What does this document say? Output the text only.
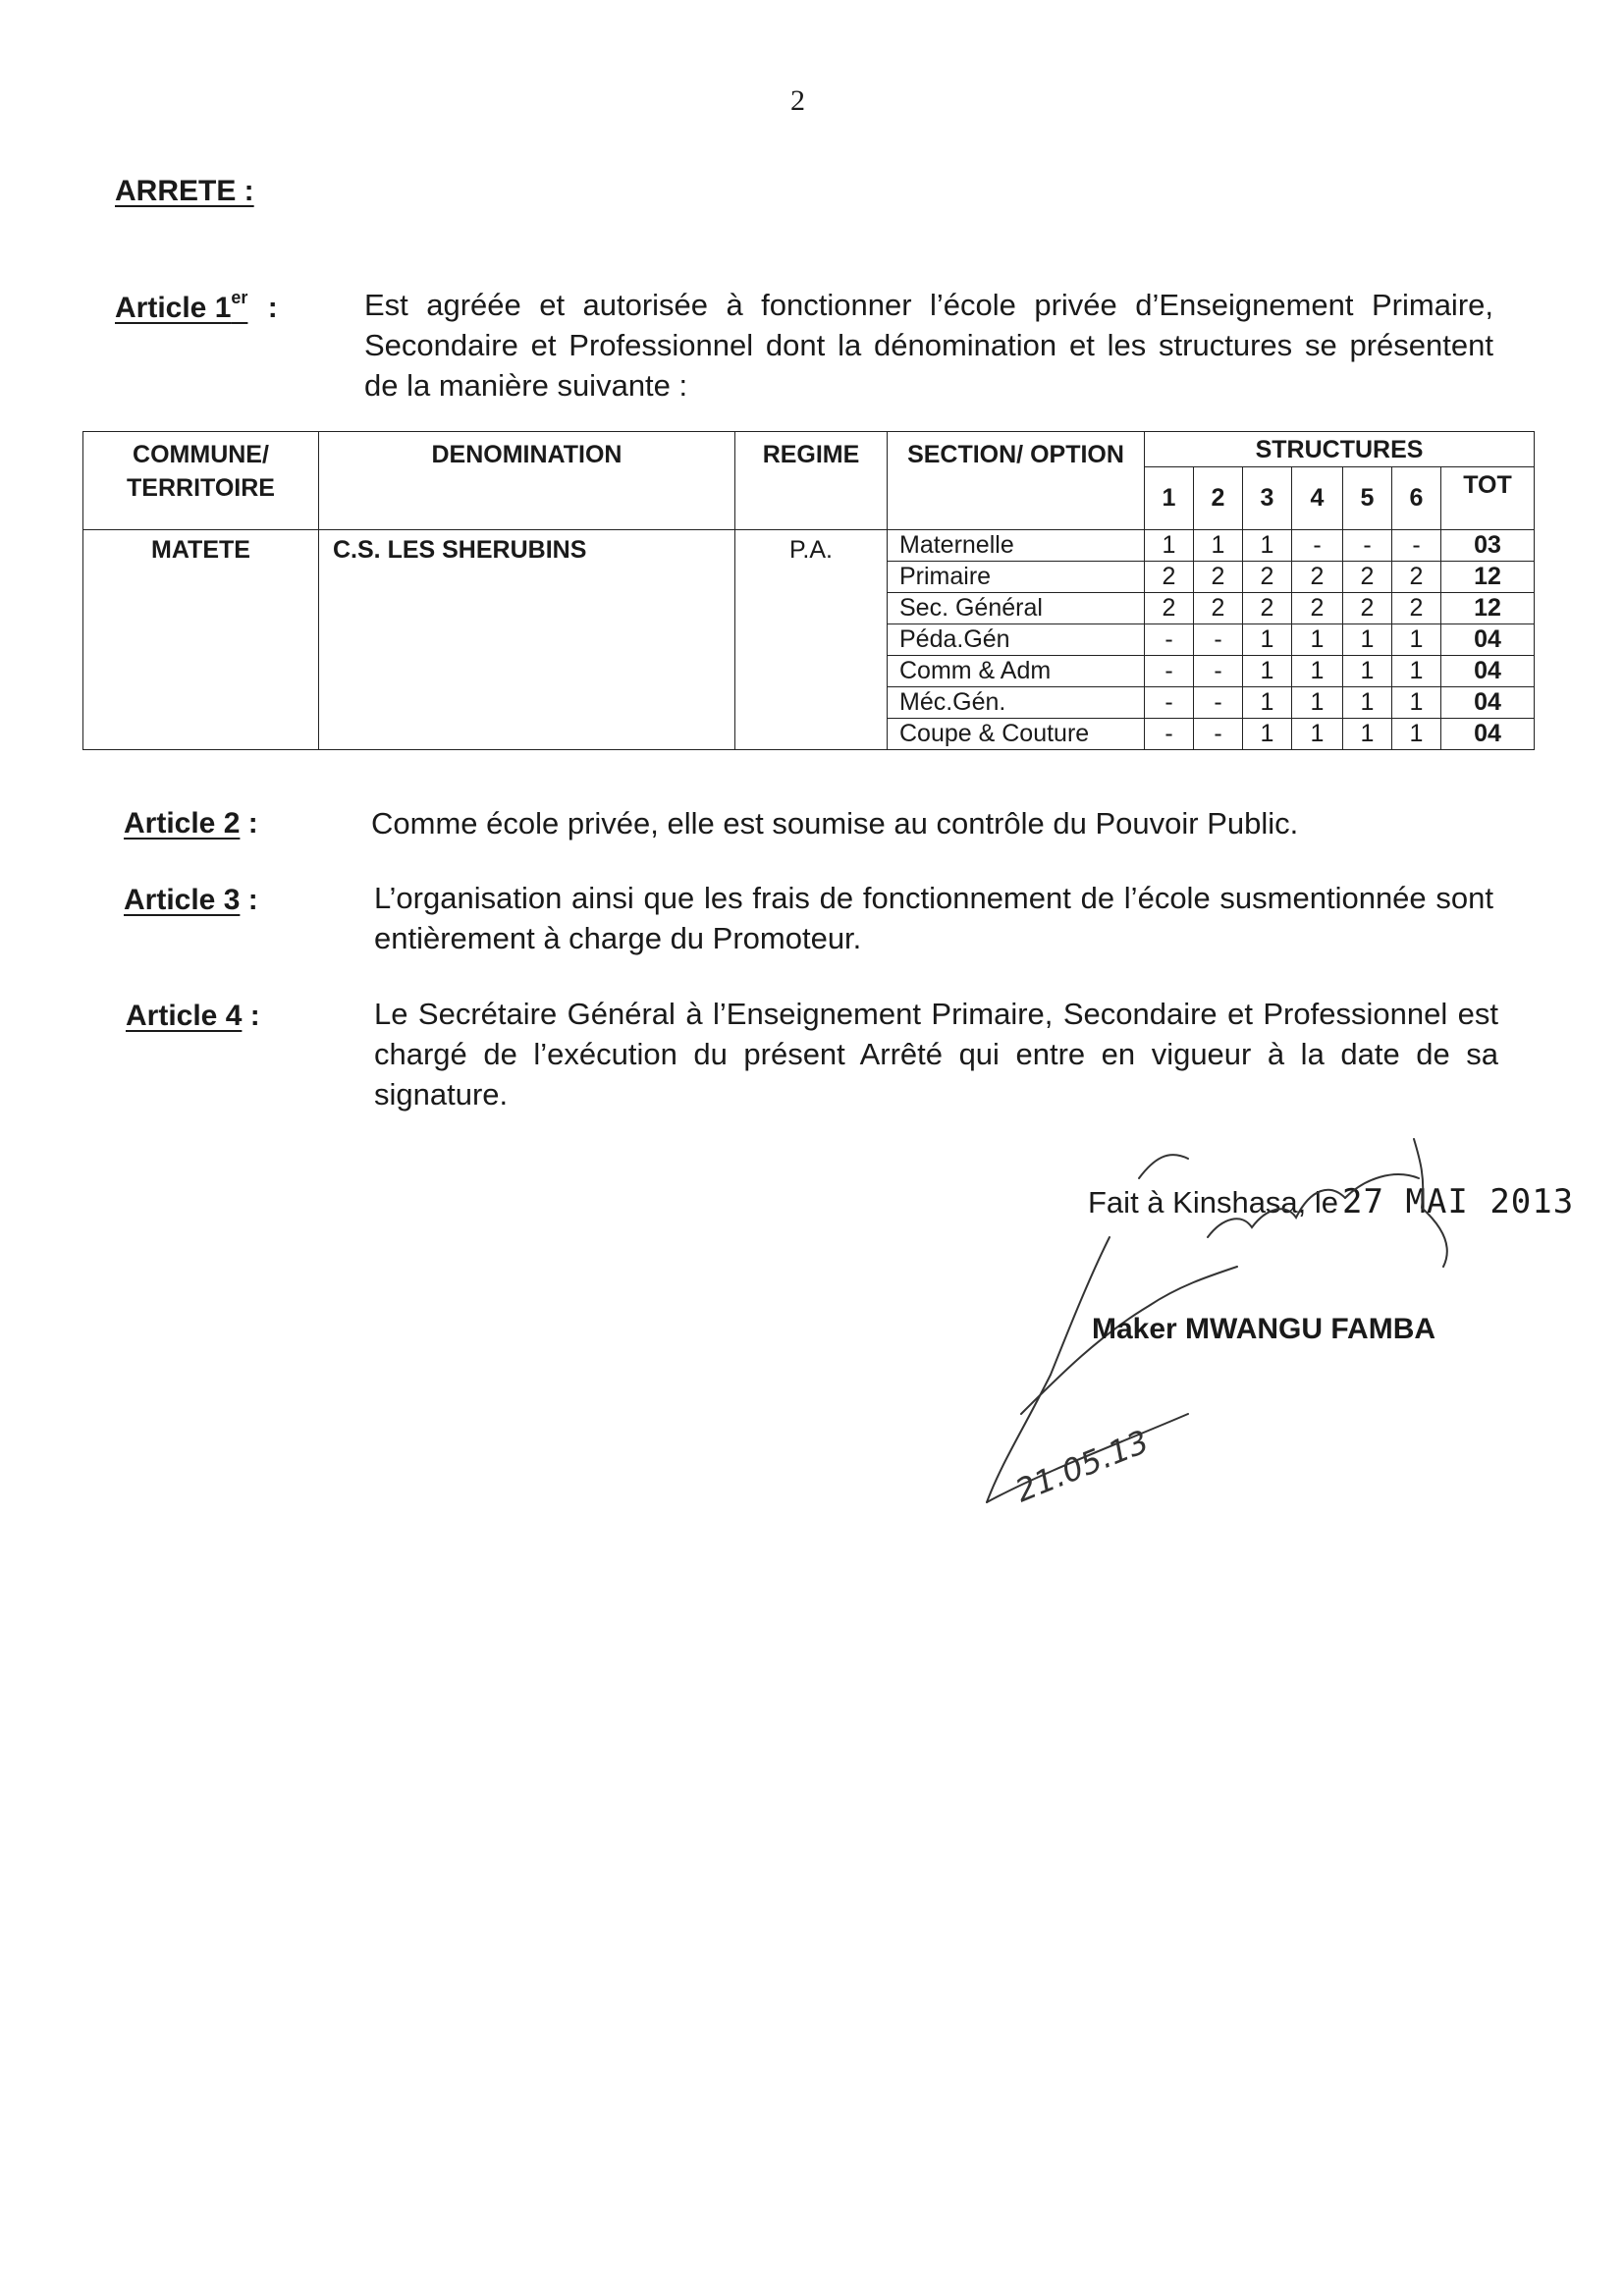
2
ARRETE :
Article 1er :	Est agréée et autorisée à fonctionner l’école privée d’Enseignement Primaire, Secondaire et Professionnel dont la dénomination et les structures se présentent de la manière suivante :
COMMUNE/ TERRITOIRE	DENOMINATION	REGIME	SECTION/ OPTION	STRUCTURES						
				1	2	3	4	5	6	TOT
MATETE	C.S. LES SHERUBINS	P.A.	Maternelle	1	1	1	-	-	-	03
			Primaire	2	2	2	2	2	2	12
			Sec. Général	2	2	2	2	2	2	12
			Péda.Gén	-	-	1	1	1	1	04
			Comm & Adm	-	-	1	1	1	1	04
			Méc.Gén.	-	-	1	1	1	1	04
			Coupe & Couture	-	-	1	1	1	1	04
Article 2 :	Comme école privée, elle est soumise au contrôle du Pouvoir Public.
Article 3 :	L’organisation ainsi que les frais de fonctionnement de l’école susmentionnée sont entièrement à charge du Promoteur.
Article 4 :	Le Secrétaire Général à l’Enseignement Primaire, Secondaire et Professionnel est chargé de l’exécution du présent Arrêté qui entre en vigueur à la date de sa signature.
Fait à Kinshasa, le 27 MAI 2013
21.05.13
Maker MWANGU FAMBA
